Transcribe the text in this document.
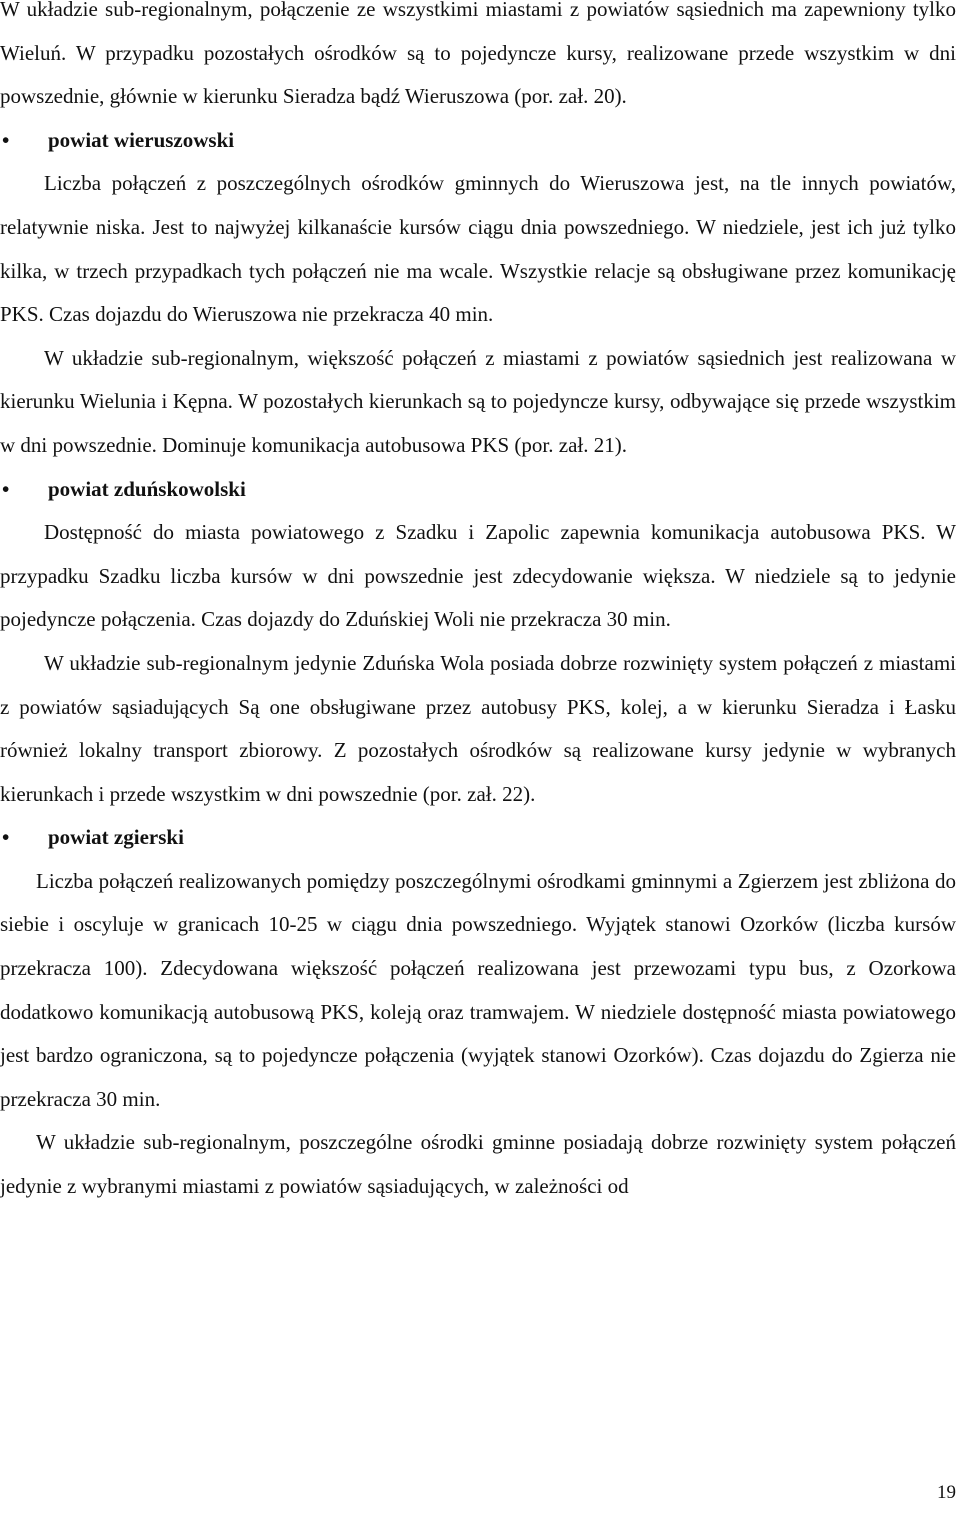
W układzie sub-regionalnym, połączenie ze wszystkimi miastami z powiatów sąsiednich ma zapewniony tylko Wieluń. W przypadku pozostałych ośrodków są to pojedyncze kursy, realizowane przede wszystkim w dni powszednie, głównie w kierunku Sieradza bądź Wieruszowa (por. zał. 20).

• powiat wieruszowski

Liczba połączeń z poszczególnych ośrodków gminnych do Wieruszowa jest, na tle innych powiatów, relatywnie niska. Jest to najwyżej kilkanaście kursów ciągu dnia powszedniego. W niedziele, jest ich już tylko kilka, w trzech przypadkach tych połączeń nie ma wcale. Wszystkie relacje są obsługiwane przez komunikację PKS. Czas dojazdu do Wieruszowa nie przekracza 40 min.

W układzie sub-regionalnym, większość połączeń z miastami z powiatów sąsiednich jest realizowana w kierunku Wielunia i Kępna. W pozostałych kierunkach są to pojedyncze kursy, odbywające się przede wszystkim w dni powszednie. Dominuje komunikacja autobusowa PKS (por. zał. 21).

• powiat zduńskowolski

Dostępność do miasta powiatowego z Szadku i Zapolic zapewnia komunikacja autobusowa PKS. W przypadku Szadku liczba kursów w dni powszednie jest zdecydowanie większa. W niedziele są to jedynie pojedyncze połączenia. Czas dojazdy do Zduńskiej Woli nie przekracza 30 min.

W układzie sub-regionalnym jedynie Zduńska Wola posiada dobrze rozwinięty system połączeń z miastami z powiatów sąsiadujących Są one obsługiwane przez autobusy PKS, kolej, a w kierunku Sieradza i Łasku również lokalny transport zbiorowy. Z pozostałych ośrodków są realizowane kursy jedynie w wybranych kierunkach i przede wszystkim w dni powszednie (por. zał. 22).

• powiat zgierski

Liczba połączeń realizowanych pomiędzy poszczególnymi ośrodkami gminnymi a Zgierzem jest zbliżona do siebie i oscyluje w granicach 10-25 w ciągu dnia powszedniego. Wyjątek stanowi Ozorków (liczba kursów przekracza 100). Zdecydowana większość połączeń realizowana jest przewozami typu bus, z Ozorkowa dodatkowo komunikacją autobusową PKS, koleją oraz tramwajem. W niedziele dostępność miasta powiatowego jest bardzo ograniczona, są to pojedyncze połączenia (wyjątek stanowi Ozorków). Czas dojazdu do Zgierza nie przekracza 30 min.

W układzie sub-regionalnym, poszczególne ośrodki gminne posiadają dobrze rozwinięty system połączeń jedynie z wybranymi miastami z powiatów sąsiadujących, w zależności od

19
